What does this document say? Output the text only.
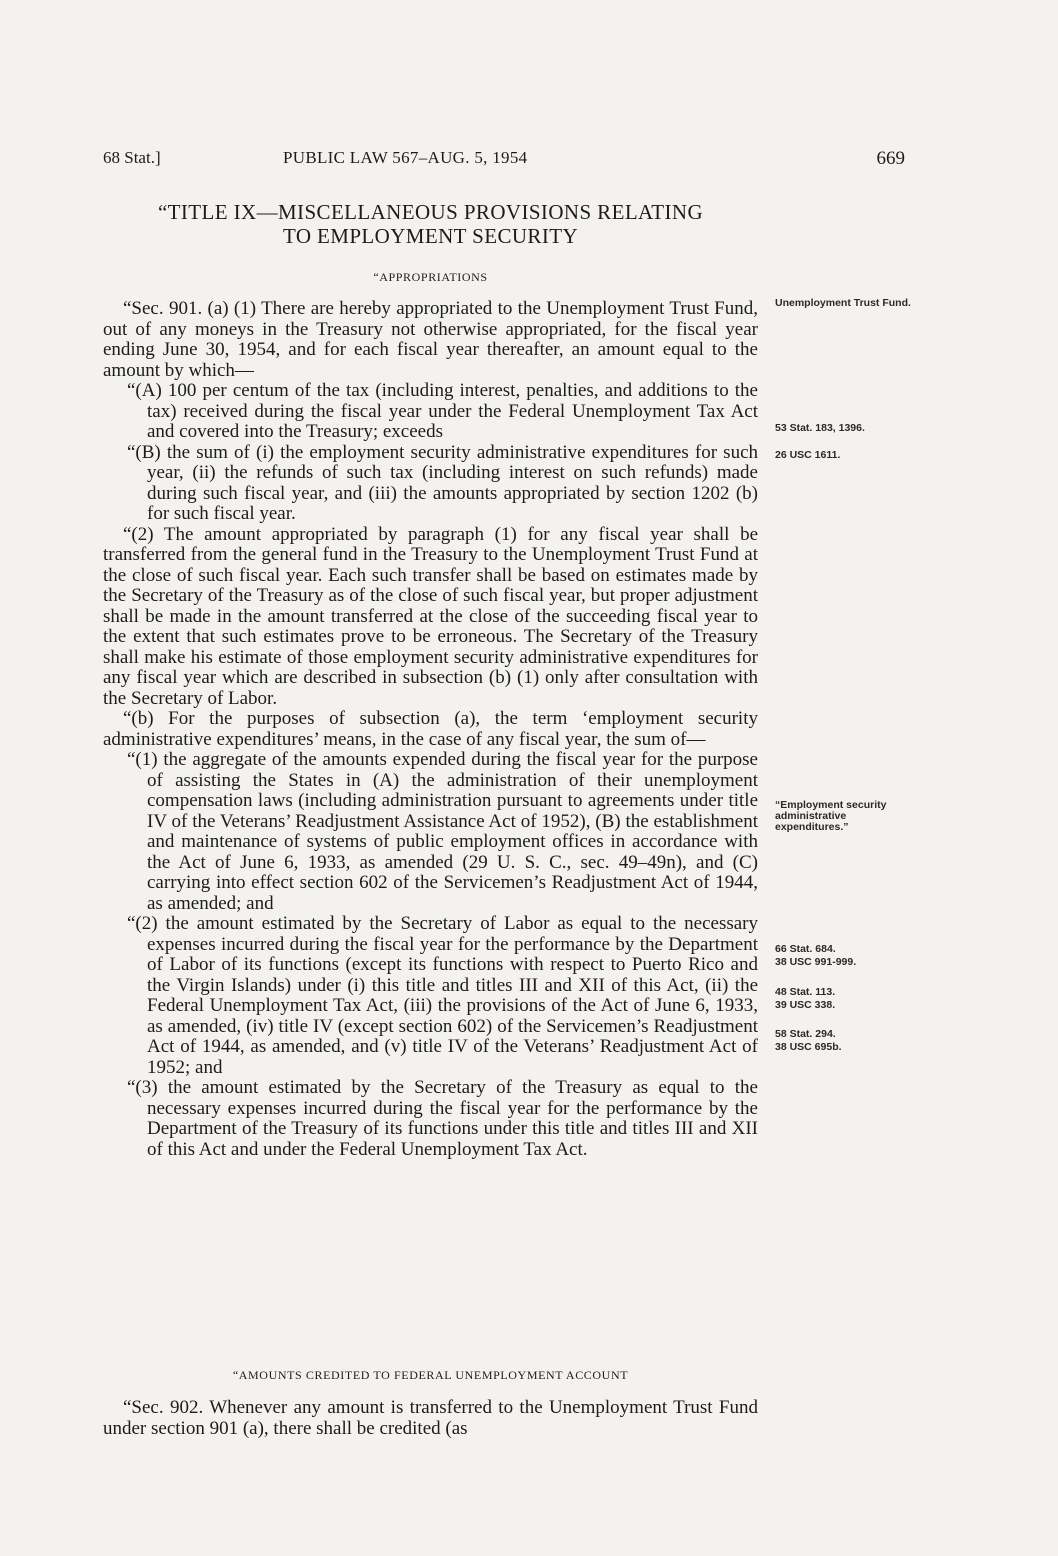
68 Stat.]	PUBLIC LAW 567–AUG. 5, 1954	669
“TITLE IX—MISCELLANEOUS PROVISIONS RELATING
TO EMPLOYMENT SECURITY
“APPROPRIATIONS

“Sec. 901. (a) (1) There are hereby appropriated to the Unemployment Trust Fund, out of any moneys in the Treasury not otherwise appropriated, for the fiscal year ending June 30, 1954, and for each fiscal year thereafter, an amount equal to the amount by which—

“(A) 100 per centum of the tax (including interest, penalties, and additions to the tax) received during the fiscal year under the Federal Unemployment Tax Act and covered into the Treasury; exceeds

“(B) the sum of (i) the employment security administrative expenditures for such year, (ii) the refunds of such tax (including interest on such refunds) made during such fiscal year, and (iii) the amounts appropriated by section 1202 (b) for such fiscal year.

“(2) The amount appropriated by paragraph (1) for any fiscal year shall be transferred from the general fund in the Treasury to the Unemployment Trust Fund at the close of such fiscal year. Each such transfer shall be based on estimates made by the Secretary of the Treasury as of the close of such fiscal year, but proper adjustment shall be made in the amount transferred at the close of the succeeding fiscal year to the extent that such estimates prove to be erroneous. The Secretary of the Treasury shall make his estimate of those employment security administrative expenditures for any fiscal year which are described in subsection (b) (1) only after consultation with the Secretary of Labor.

“(b) For the purposes of subsection (a), the term ‘employment security administrative expenditures’ means, in the case of any fiscal year, the sum of—

“(1) the aggregate of the amounts expended during the fiscal year for the purpose of assisting the States in (A) the administration of their unemployment compensation laws (including administration pursuant to agreements under title IV of the Veterans’ Readjustment Assistance Act of 1952), (B) the establishment and maintenance of systems of public employment offices in accordance with the Act of June 6, 1933, as amended (29 U. S. C., sec. 49–49n), and (C) carrying into effect section 602 of the Servicemen’s Readjustment Act of 1944, as amended; and

“(2) the amount estimated by the Secretary of Labor as equal to the necessary expenses incurred during the fiscal year for the performance by the Department of Labor of its functions (except its functions with respect to Puerto Rico and the Virgin Islands) under (i) this title and titles III and XII of this Act, (ii) the Federal Unemployment Tax Act, (iii) the provisions of the Act of June 6, 1933, as amended, (iv) title IV (except section 602) of the Servicemen’s Readjustment Act of 1944, as amended, and (v) title IV of the Veterans’ Readjustment Act of 1952; and

“(3) the amount estimated by the Secretary of the Treasury as equal to the necessary expenses incurred during the fiscal year for the performance by the Department of the Treasury of its functions under this title and titles III and XII of this Act and under the Federal Unemployment Tax Act.

“AMOUNTS CREDITED TO FEDERAL UNEMPLOYMENT ACCOUNT

“Sec. 902. Whenever any amount is transferred to the Unemployment Trust Fund under section 901 (a), there shall be credited (as

Unemployment Trust Fund.
53 Stat. 183, 1396.
26 USC 1611.
“Employment security administrative expenditures.”
66 Stat. 684.
38 USC 991-999.
48 Stat. 113.
39 USC 338.
58 Stat. 294.
38 USC 695b.
